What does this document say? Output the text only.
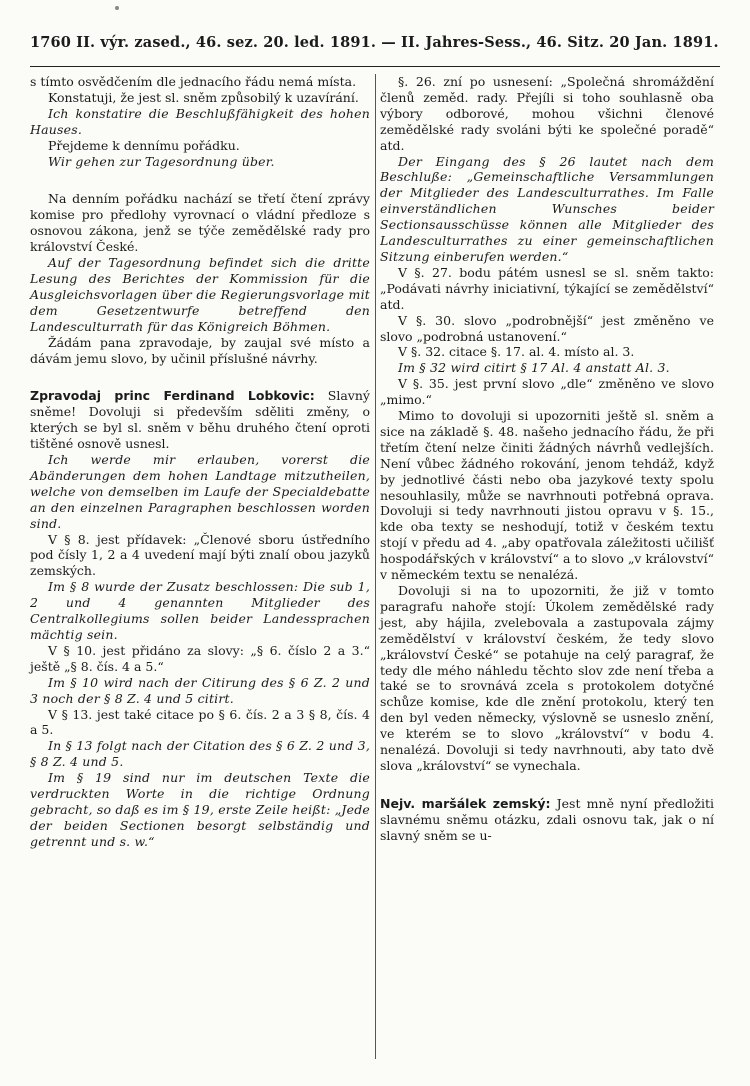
1760 II. výr. zased., 46. sez. 20. led. 1891. — II. Jahres-Sess., 46. Sitz. 20 Jan. 1891.

s tímto osvědčením dle jednacího řádu nemá místa.

Konstatuji, že jest sl. sněm způsobilý k uzavírání.

Ich konstatire die Beschlußfähigkeit des hohen Hauses.

Přejdeme k dennímu pořádku.

Wir gehen zur Tagesordnung über.

Na denním pořádku nachází se třetí čtení zprávy komise pro předlohy vyrovnací o vládní předloze s osnovou zákona, jenž se týče zemědělské rady pro království České.

Auf der Tagesordnung befindet sich die dritte Lesung des Berichtes der Kommission für die Ausgleichsvorlagen über die Regierungsvorlage mit dem Gesetzentwurfe betreffend den Landesculturrath für das Königreich Böhmen.

Žádám pana zpravodaje, by zaujal své místo a dávám jemu slovo, by učinil příslušné návrhy.

Zpravodaj princ Ferdinand Lobkovic: Slavný sněme! Dovoluji si především sděliti změny, o kterých se byl sl. sněm v běhu druhého čtení oproti tištěné osnově usnesl.

Ich werde mir erlauben, vorerst die Abänderungen dem hohen Landtage mitzutheilen, welche von demselben im Laufe der Specialdebatte an den einzelnen Paragraphen beschlossen worden sind.

V § 8. jest přídavek: „Členové sboru ústředního pod čísly 1, 2 a 4 uvedení mají býti znalí obou jazyků zemských.

Im § 8 wurde der Zusatz beschlossen: Die sub 1, 2 und 4 genannten Mitglieder des Centralkollegiums sollen beider Landessprachen mächtig sein.

V § 10. jest přidáno za slovy: „§ 6. číslo 2 a 3.“ ještě „§ 8. čís. 4 a 5.“

Im § 10 wird nach der Citirung des § 6 Z. 2 und 3 noch der § 8 Z. 4 und 5 citirt.

V § 13. jest také citace po § 6. čís. 2 a 3 § 8, čís. 4 a 5.

In § 13 folgt nach der Citation des § 6 Z. 2 und 3, § 8 Z. 4 und 5.

Im § 19 sind nur im deutschen Texte die verdruckten Worte in die richtige Ordnung gebracht, so daß es im § 19, erste Zeile heißt: „Jede der beiden Sectionen besorgt selbständig und getrennt und s. w.“

§. 26. zní po usnesení: „Společná shromáždění členů zeměd. rady. Přejíli si toho souhlasně oba výbory odborové, mohou všichni členové zemědělské rady svoláni býti ke společné poradě“ atd.

Der Eingang des § 26 lautet nach dem Beschluße: „Gemeinschaftliche Versammlungen der Mitglieder des Landesculturrathes. Im Falle einverständlichen Wunsches beider Sectionsausschüsse können alle Mitglieder des Landesculturrathes zu einer gemeinschaftlichen Sitzung einberufen werden.“

V §. 27. bodu pátém usnesl se sl. sněm takto: „Podávati návrhy iniciativní, týkající se zemědělství“ atd.

V §. 30. slovo „podrobnější“ jest změněno ve slovo „podrobná ustanovení.“

V §. 32. citace §. 17. al. 4. místo al. 3.

Im § 32 wird citirt § 17 Al. 4 anstatt Al. 3.

V §. 35. jest první slovo „dle“ změněno ve slovo „mimo.“

Mimo to dovoluji si upozorniti ještě sl. sněm a sice na základě §. 48. našeho jednacího řádu, že při třetím čtení nelze činiti žádných návrhů vedlejších. Není vůbec žádného rokování, jenom tehdáž, když by jednotlivé části nebo oba jazykové texty spolu nesouhlasily, může se navrhnouti potřebná oprava. Dovoluji si tedy navrhnouti jistou opravu v §. 15., kde oba texty se neshodují, totiž v českém textu stojí v předu ad 4. „aby opatřovala záležitosti učilišť hospodářských v království“ a to slovo „v království“ v německém textu se nenalézá.

Dovoluji si na to upozorniti, že již v tomto paragrafu nahoře stojí: Úkolem zemědělské rady jest, aby hájila, zvelebovala a zastupovala zájmy zemědělství v království českém, že tedy slovo „království České“ se potahuje na celý paragraf, že tedy dle mého náhledu těchto slov zde není třeba a také se to srovnává zcela s protokolem dotyčné schůze komise, kde dle znění protokolu, který ten den byl veden německy, výslovně se usneslo znění, ve kterém se to slovo „království“ v bodu 4. nenalézá. Dovoluji si tedy navrhnouti, aby tato dvě slova „království“ se vynechala.

Nejv. maršálek zemský: Jest mně nyní předložiti slavnému sněmu otázku, zdali osnovu tak, jak o ní slavný sněm se u-
